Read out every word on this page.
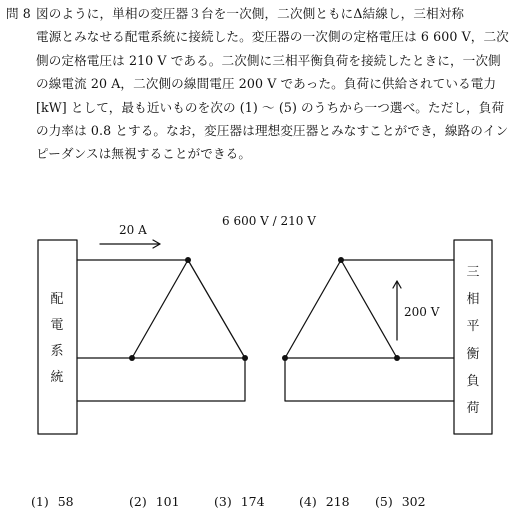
問 8 図のように，単相の変圧器３台を一次側，二次側ともにΔ結線し，三相対称
電源とみなせる配電系統に接続した。変圧器の一次側の定格電圧は 6 600 V，二次
側の定格電圧は 210 V である。二次側に三相平衡負荷を接続したときに，一次側
の線電流 20 A，二次側の線間電圧 200 V であった。負荷に供給されている電力
[kW] として，最も近いものを次の (1) ～ (5) のうちから一つ選べ。ただし，負荷
の力率は 0.8 とする。なお，変圧器は理想変圧器とみなすことができ，線路のイン
ピーダンスは無視することができる。
20 A
6 600 V / 210 V
200 V
配
電
系
統
三
相
平
衡
負
荷
(1) 58	(2) 101	(3) 174	(4) 218 (5) 302
